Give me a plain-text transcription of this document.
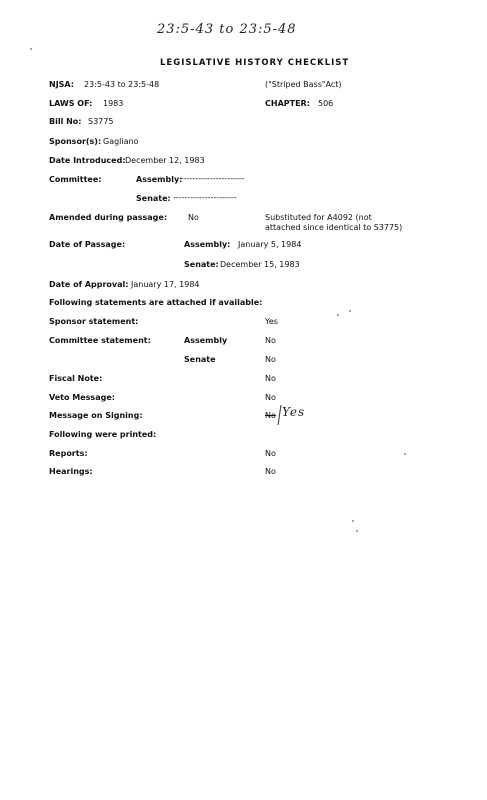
23:5-43 to 23:5-48
LEGISLATIVE HISTORY CHECKLIST
NJSA: 23:5-43 to 23:5-48	("Striped Bass"Act)
LAWS OF: 1983	CHAPTER: 506
Bill No: S3775
Sponsor(s): Gagliano
Date Introduced: December 12, 1983
Committee:	Assembly:
----------------------
Senate: ----------------------
Amended during passage:	No	Substituted for A4092 (not
attached since identical to S3775)
Date of Passage:	Assembly: January 5, 1984
Senate: December 15, 1983
Date of Approval: January 17, 1984
Following statements are attached if available:
Sponsor statement:	Yes
Committee statement:	Assembly	No
Senate	No
Fiscal Note:	No
Veto Message:	No
Message on Signing:	No Yes
Following were printed:
Reports:	No
Hearings:	No
